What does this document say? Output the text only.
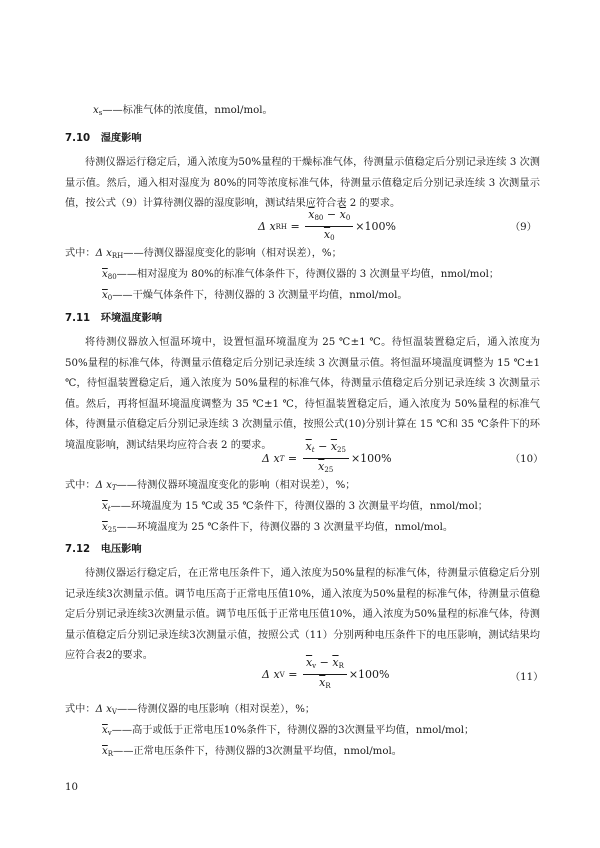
$x_s——$标准气体的浓度值，nmol/mol。
7.10 湿度影响
待测仪器运行稳定后，通入浓度为50%量程的干燥标准气体，待测量示值稳定后分别记录连续 3 次测量示值。然后，通入相对湿度为 80%的同等浓度标准气体，待测量示值稳定后分别记录连续 3 次测量示值，按公式（9）计算待测仪器的湿度影响，测试结果应符合表 2 的要求。
Δ x RH = $\frac{\overline{x}_{80} - \overline{x}_0}{\overline{x}_0} \times 100\%$	（9）
式中：Δ $x_{RH}——$待测仪器湿度变化的影响（相对误差），%；
$\overline{x}_{80}——$相对湿度为 80%的标准气体条件下，待测仪器的 3 次测量平均值，nmol/mol；
$\overline{x}_0——$干燥气体条件下，待测仪器的 3 次测量平均值，nmol/mol。
7.11 环境温度影响
将待测仪器放入恒温环境中，设置恒温环境温度为 25 ℃±1 ℃。待恒温装置稳定后，通入浓度为 50%量程的标准气体，待测量示值稳定后分别记录连续 3 次测量示值。将恒温环境温度调整为 15 ℃±1 ℃，待恒温装置稳定后，通入浓度为 50%量程的标准气体，待测量示值稳定后分别记录连续 3 次测量示值。然后，再将恒温环境温度调整为 35 ℃±1 ℃，待恒温装置稳定后，通入浓度为 50%量程的标准气体，待测量示值稳定后分别记录连续 3 次测量示值，按照公式(10)分别计算在 15 ℃和 35 ℃条件下的环境温度影响，测试结果均应符合表 2 的要求。
Δ x $T = \frac{\overline{x}_t - \overline{x}_{25}}{\overline{x}_{25}} \times 100\%$	（10）
式中：Δ $x_T——$待测仪器环境温度变化的影响（相对误差），%；
$\overline{x}_t——$环境温度为 15 ℃或 35 ℃条件下，待测仪器的 3 次测量平均值，nmol/mol；
$\overline{x}_{25}——$环境温度为 25 ℃条件下，待测仪器的 3 次测量平均值，nmol/mol。
7.12 电压影响
待测仪器运行稳定后，在正常电压条件下，通入浓度为50%量程的标准气体，待测量示值稳定后分别记录连续3次测量示值。调节电压高于正常电压值10%，通入浓度为50%量程的标准气体，待测量示值稳定后分别记录连续3次测量示值。调节电压低于正常电压值10%，通入浓度为50%量程的标准气体，待测量示值稳定后分别记录连续3次测量示值，按照公式（11）分别两种电压条件下的电压影响，测试结果均应符合表2的要求。
Δ x $V = \frac{\overline{x}_v - \overline{x}_R}{\overline{x}_R} \times 100\%$	（11）
式中：Δ $x_V——$待测仪器的电压影响（相对误差），%；
$\overline{x}_v——$高于或低于正常电压10%条件下，待测仪器的3次测量平均值，nmol/mol；
$\overline{x}_R——$正常电压条件下，待测仪器的3次测量平均值，nmol/mol。
10
